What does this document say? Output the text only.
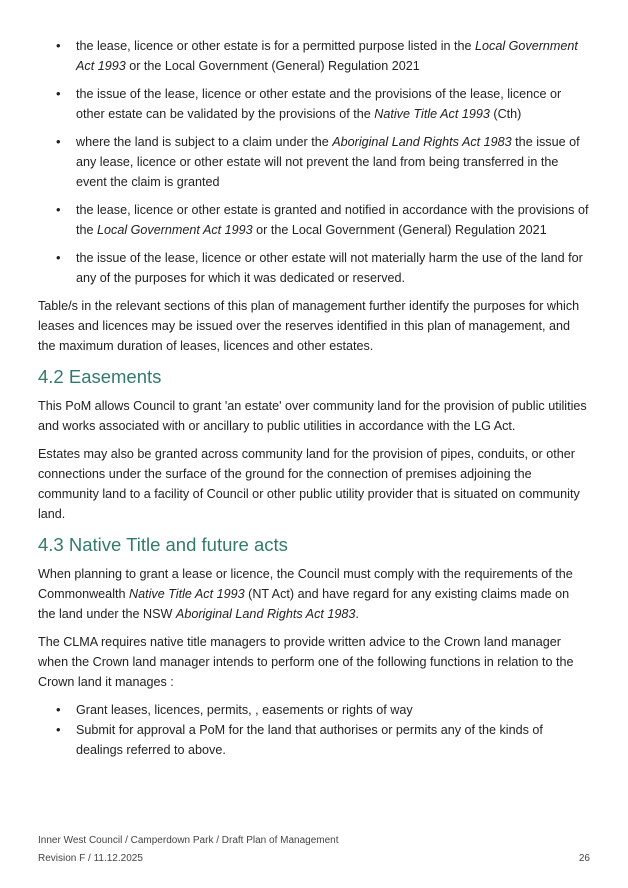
• the lease, licence or other estate is for a permitted purpose listed in the Local Government Act 1993 or the Local Government (General) Regulation 2021
• the issue of the lease, licence or other estate and the provisions of the lease, licence or other estate can be validated by the provisions of the Native Title Act 1993 (Cth)
• where the land is subject to a claim under the Aboriginal Land Rights Act 1983 the issue of any lease, licence or other estate will not prevent the land from being transferred in the event the claim is granted
• the lease, licence or other estate is granted and notified in accordance with the provisions of the Local Government Act 1993 or the Local Government (General) Regulation 2021
• the issue of the lease, licence or other estate will not materially harm the use of the land for any of the purposes for which it was dedicated or reserved.

Table/s in the relevant sections of this plan of management further identify the purposes for which leases and licences may be issued over the reserves identified in this plan of management, and the maximum duration of leases, licences and other estates.

4.2 Easements

This PoM allows Council to grant 'an estate' over community land for the provision of public utilities and works associated with or ancillary to public utilities in accordance with the LG Act.

Estates may also be granted across community land for the provision of pipes, conduits, or other connections under the surface of the ground for the connection of premises adjoining the community land to a facility of Council or other public utility provider that is situated on community land.

4.3 Native Title and future acts

When planning to grant a lease or licence, the Council must comply with the requirements of the Commonwealth Native Title Act 1993 (NT Act) and have regard for any existing claims made on the land under the NSW Aboriginal Land Rights Act 1983.

The CLMA requires native title managers to provide written advice to the Crown land manager when the Crown land manager intends to perform one of the following functions in relation to the Crown land it manages :

• Grant leases, licences, permits, , easements or rights of way
• Submit for approval a PoM for the land that authorises or permits any of the kinds of dealings referred to above.
Inner West Council / Camperdown Park / Draft Plan of Management
Revision F / 11.12.2025	26
